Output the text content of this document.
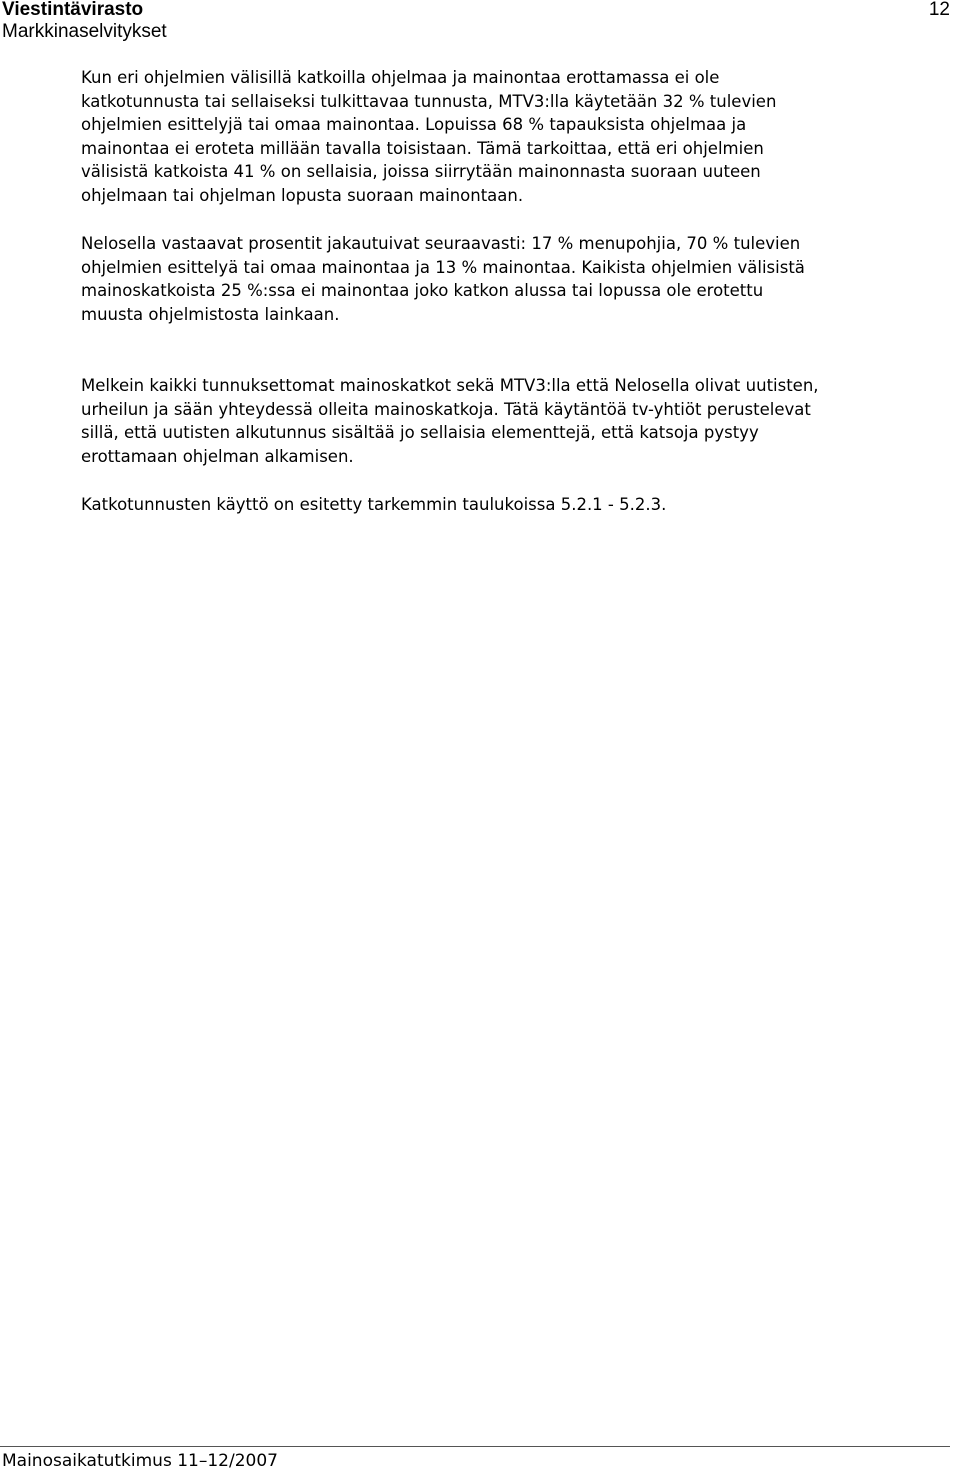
Viestintävirasto
Markkinaselvitykset
12

Kun eri ohjelmien välisillä katkoilla ohjelmaa ja mainontaa erottamassa ei ole
katkotunnusta tai sellaiseksi tulkittavaa tunnusta, MTV3:lla käytetään 32 % tulevien
ohjelmien esittelyjä tai omaa mainontaa. Lopuissa 68 % tapauksista ohjelmaa ja
mainontaa ei eroteta millään tavalla toisistaan. Tämä tarkoittaa, että eri ohjelmien
välisistä katkoista 41 % on sellaisia, joissa siirrytään mainonnasta suoraan uuteen
ohjelmaan tai ohjelman lopusta suoraan mainontaan.

Nelosella vastaavat prosentit jakautuivat seuraavasti: 17 % menupohjia, 70 % tulevien
ohjelmien esittelyä tai omaa mainontaa ja 13 % mainontaa. Kaikista ohjelmien välisistä
mainoskatkoista 25 %:ssa ei mainontaa joko katkon alussa tai lopussa ole erotettu
muusta ohjelmistosta lainkaan.

Melkein kaikki tunnuksettomat mainoskatkot sekä MTV3:lla että Nelosella olivat uutisten,
urheilun ja sään yhteydessä olleita mainoskatkoja. Tätä käytäntöä tv-yhtiöt perustelevat
sillä, että uutisten alkutunnus sisältää jo sellaisia elementtejä, että katsoja pystyy
erottamaan ohjelman alkamisen.

Katkotunnusten käyttö on esitetty tarkemmin taulukoissa 5.2.1 - 5.2.3.

Mainosaikatutkimus 11–12/2007
